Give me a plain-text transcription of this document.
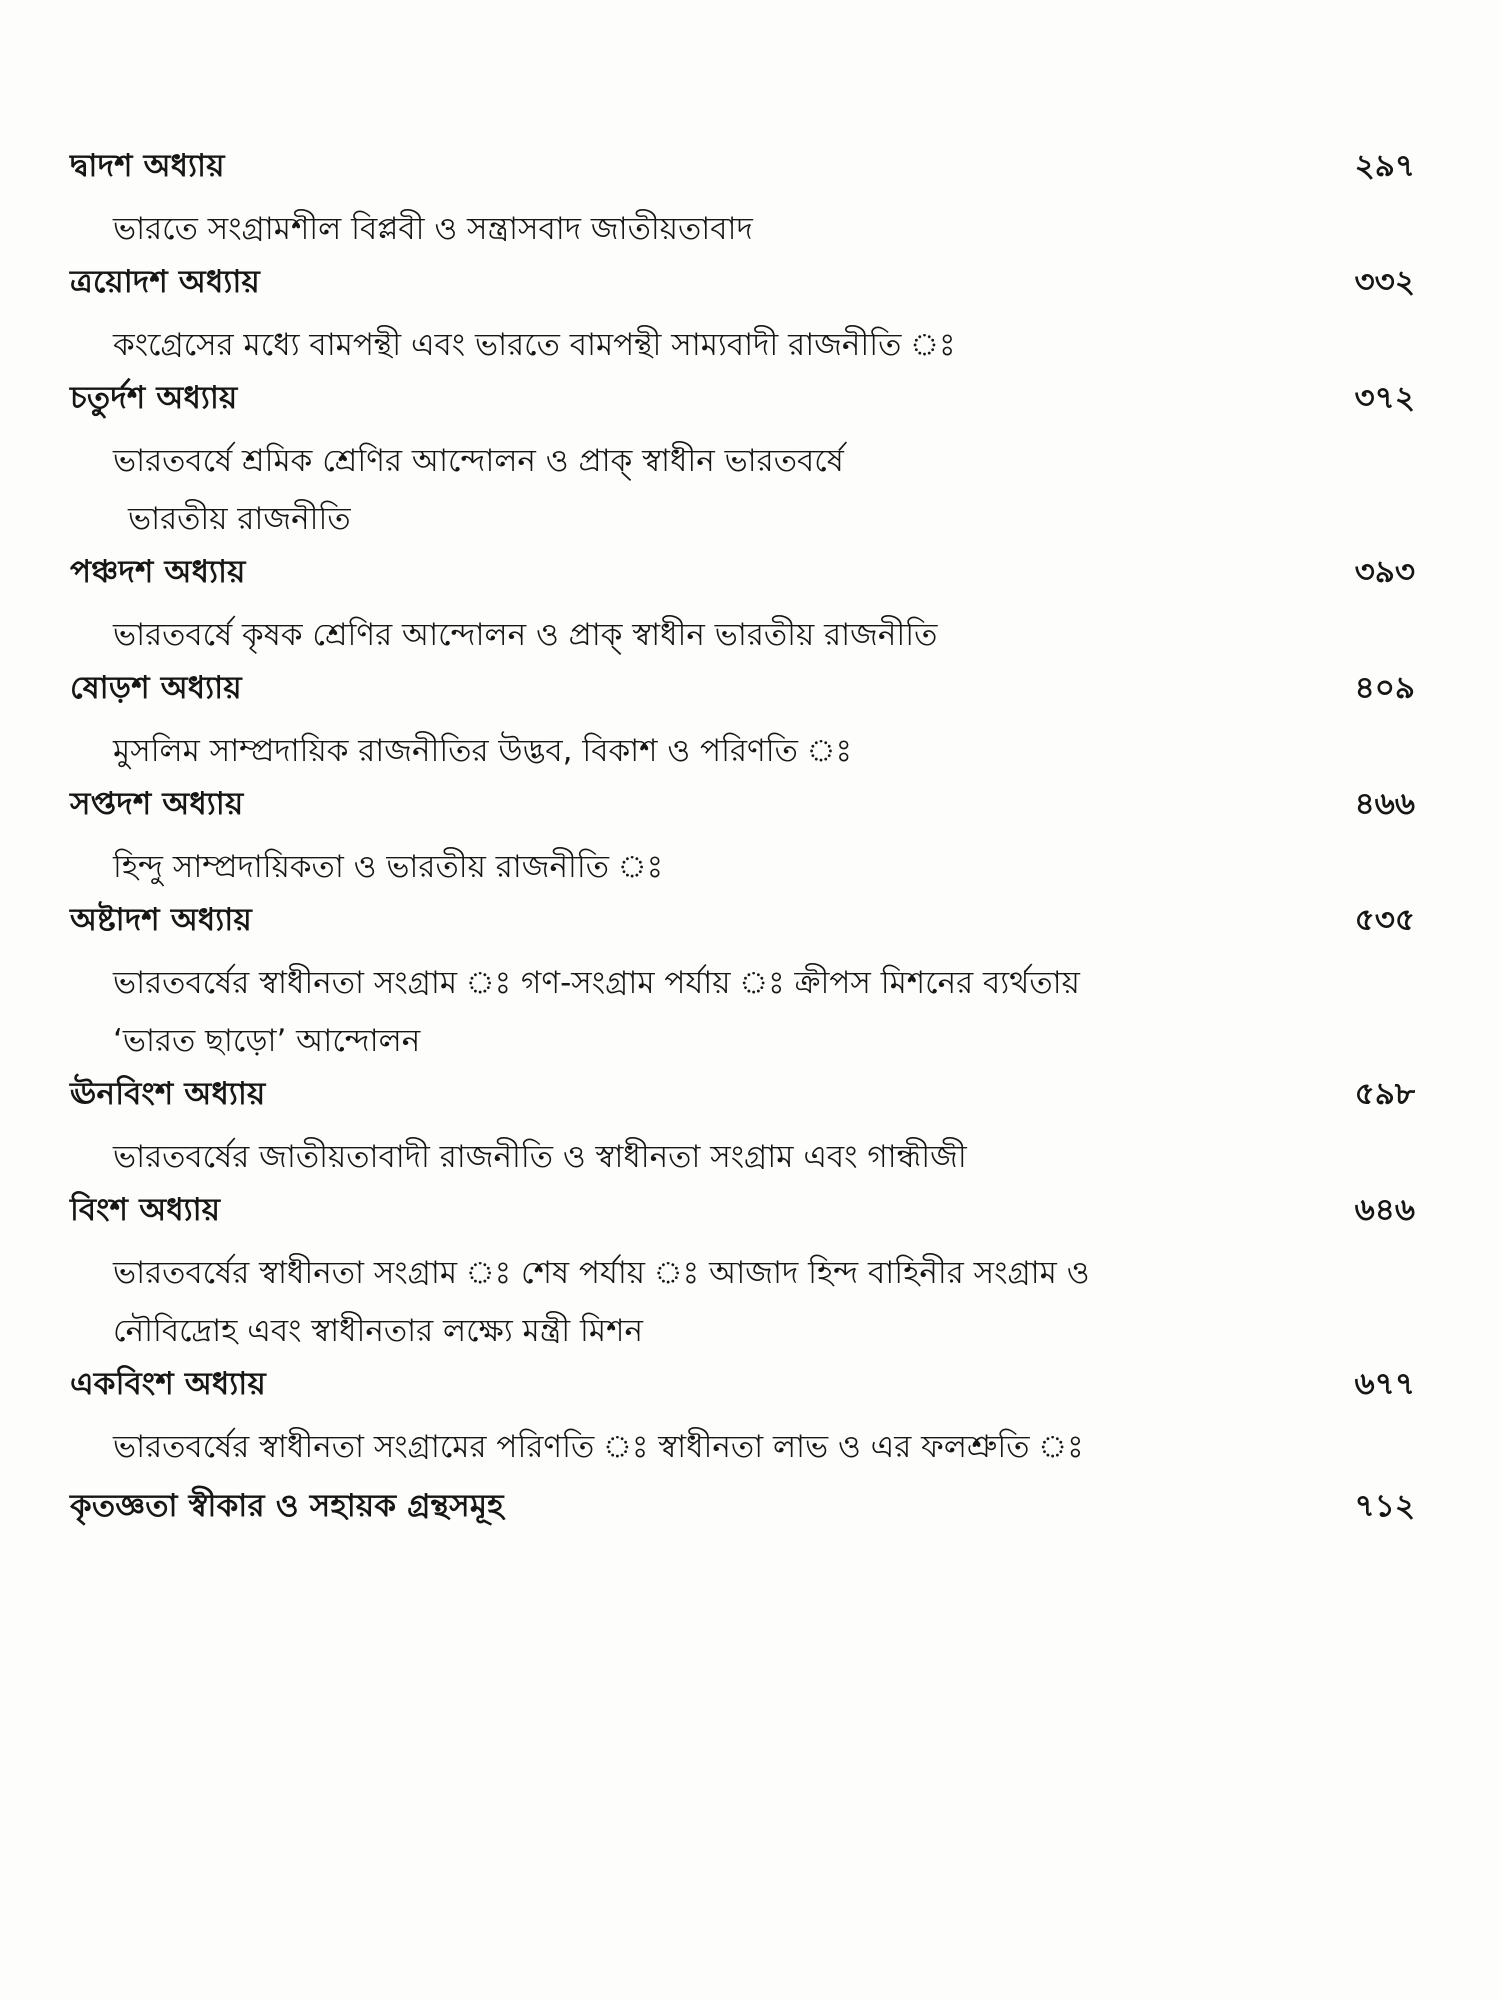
দ্বাদশ অধ্যায়	২৯৭
ভারতে সংগ্রামশীল বিপ্লবী ও সন্ত্রাসবাদ জাতীয়তাবাদ
ত্রয়োদশ অধ্যায়	৩৩২
কংগ্রেসের মধ্যে বামপন্থী এবং ভারতে বামপন্থী সাম্যবাদী রাজনীতি ঃ
চতুর্দশ অধ্যায়	৩৭২
ভারতবর্ষে শ্রমিক শ্রেণির আন্দোলন ও প্রাক্ স্বাধীন ভারতবর্ষে
ভারতীয় রাজনীতি
পঞ্চদশ অধ্যায়	৩৯৩
ভারতবর্ষে কৃষক শ্রেণির আন্দোলন ও প্রাক্ স্বাধীন ভারতীয় রাজনীতি
ষোড়শ অধ্যায়	৪০৯
মুসলিম সাম্প্রদায়িক রাজনীতির উদ্ভব, বিকাশ ও পরিণতি ঃ
সপ্তদশ অধ্যায়	৪৬৬
হিন্দু সাম্প্রদায়িকতা ও ভারতীয় রাজনীতি ঃ
অষ্টাদশ অধ্যায়	৫৩৫
ভারতবর্ষের স্বাধীনতা সংগ্রাম ঃ গণ-সংগ্রাম পর্যায় ঃ ক্রীপস মিশনের ব্যর্থতায়
‘ভারত ছাড়ো’ আন্দোলন
ঊনবিংশ অধ্যায়	৫৯৮
ভারতবর্ষের জাতীয়তাবাদী রাজনীতি ও স্বাধীনতা সংগ্রাম এবং গান্ধীজী
বিংশ অধ্যায়	৬৪৬
ভারতবর্ষের স্বাধীনতা সংগ্রাম ঃ শেষ পর্যায় ঃ আজাদ হিন্দ বাহিনীর সংগ্রাম ও
নৌবিদ্রোহ এবং স্বাধীনতার লক্ষ্যে মন্ত্রী মিশন
একবিংশ অধ্যায়	৬৭৭
ভারতবর্ষের স্বাধীনতা সংগ্রামের পরিণতি ঃ স্বাধীনতা লাভ ও এর ফলশ্রুতি ঃ
কৃতজ্ঞতা স্বীকার ও সহায়ক গ্রন্থসমূহ	৭১২
